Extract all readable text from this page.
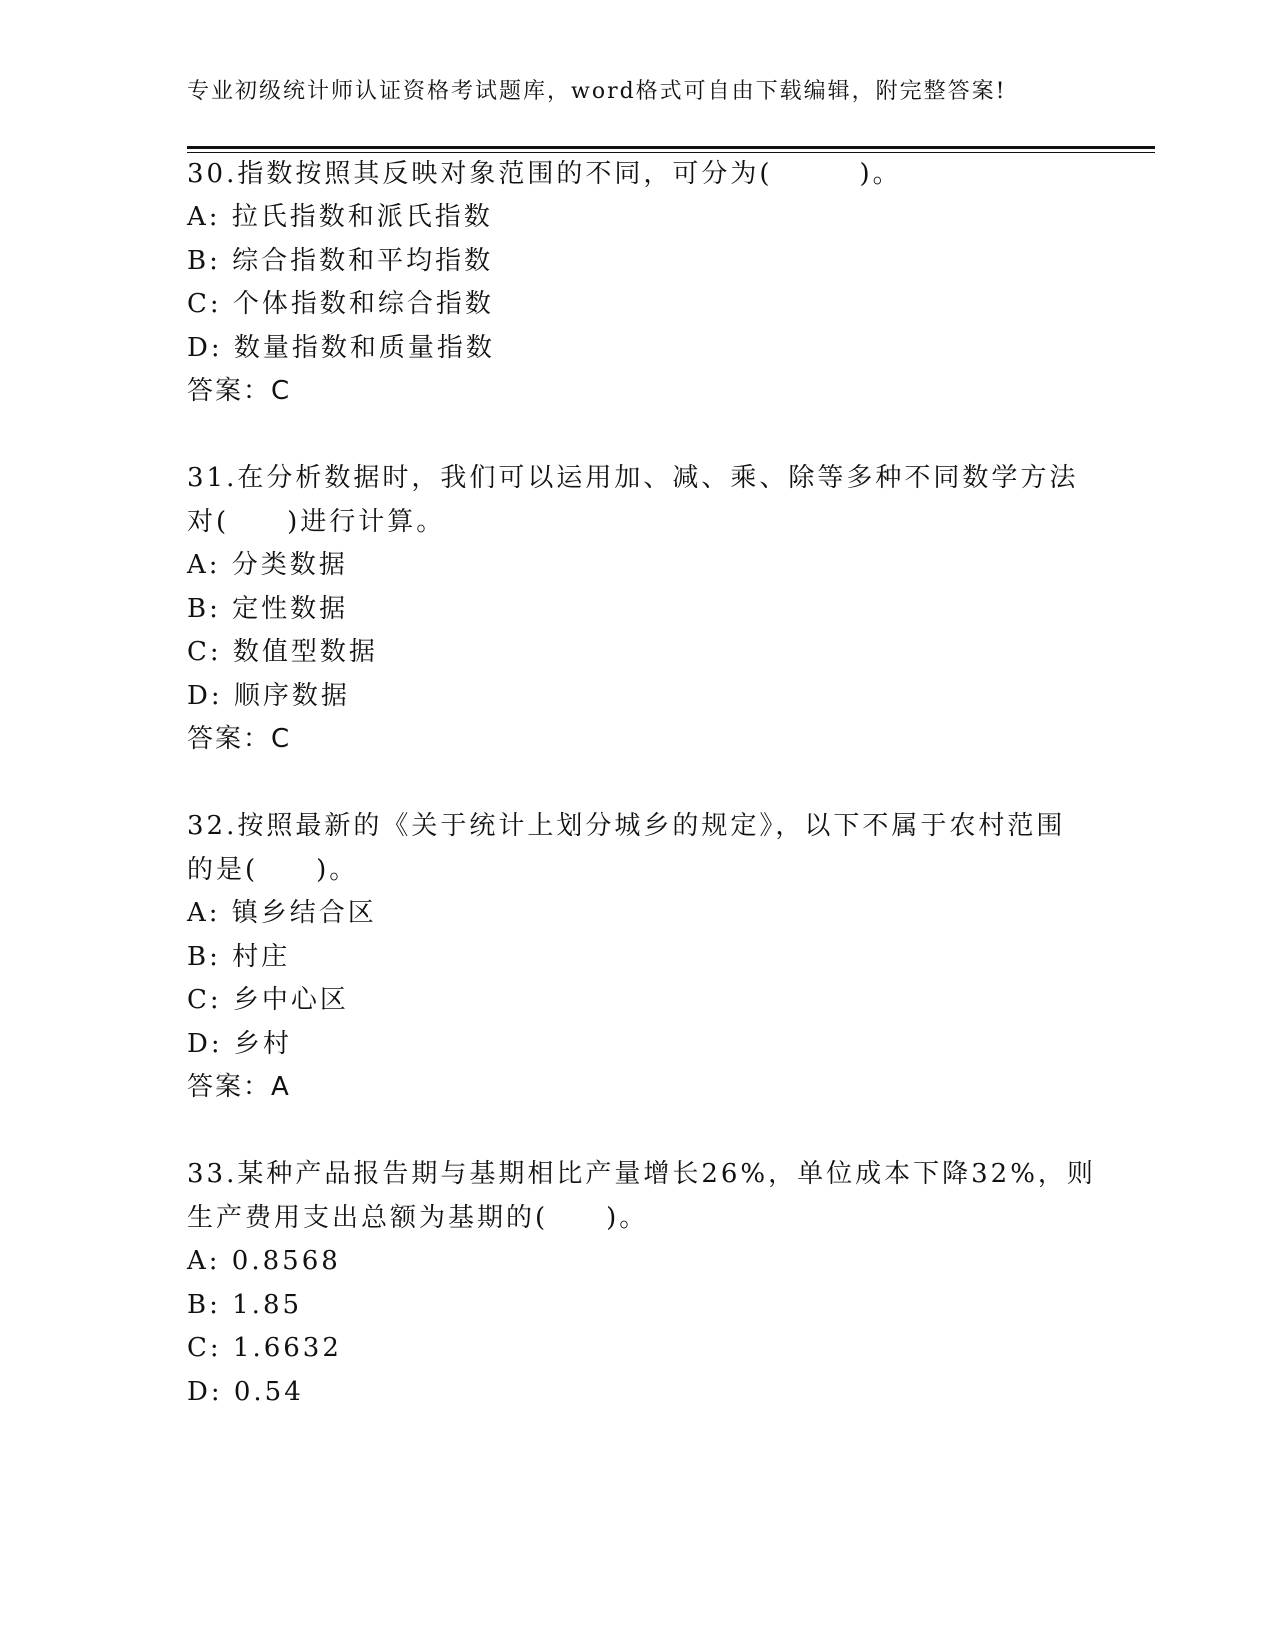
专业初级统计师认证资格考试题库，word格式可自由下载编辑，附完整答案!
30.指数按照其反映对象范围的不同，可分为(　　　)。
A: 拉氏指数和派氏指数
B: 综合指数和平均指数
C: 个体指数和综合指数
D: 数量指数和质量指数
答案：C
31.在分析数据时，我们可以运用加、减、乘、除等多种不同数学方法
对(　　)进行计算。
A: 分类数据
B: 定性数据
C: 数值型数据
D: 顺序数据
答案：C
32.按照最新的《关于统计上划分城乡的规定》，以下不属于农村范围
的是(　　)。
A: 镇乡结合区
B: 村庄
C: 乡中心区
D: 乡村
答案：A
33.某种产品报告期与基期相比产量增长26%，单位成本下降32%，则
生产费用支出总额为基期的(　　)。
A: 0.8568
B: 1.85
C: 1.6632
D: 0.54
